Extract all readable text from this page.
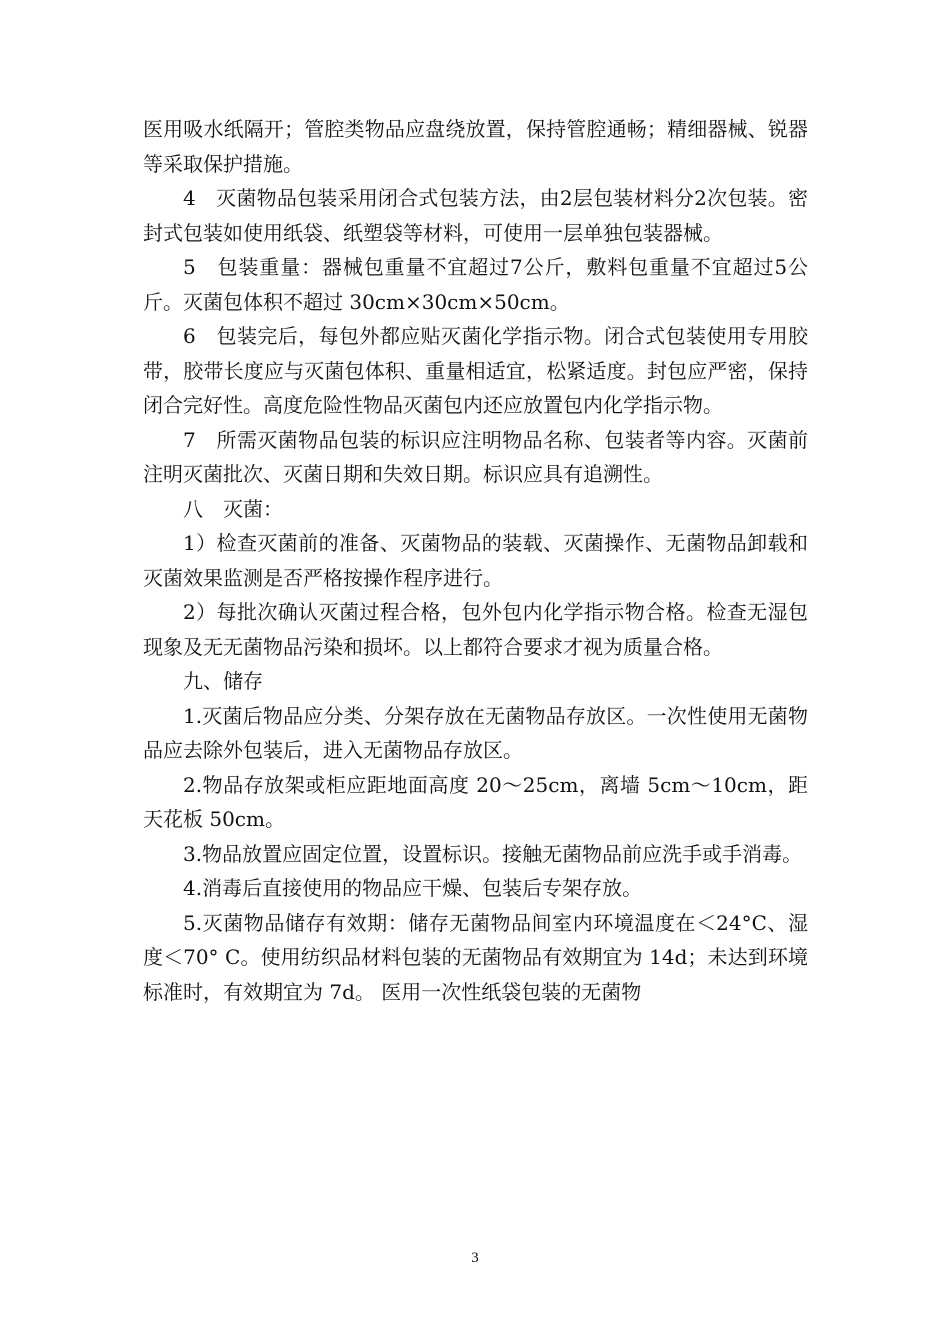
医用吸水纸隔开；管腔类物品应盘绕放置，保持管腔通畅；精细器械、锐器等采取保护措施。

4　灭菌物品包装采用闭合式包装方法，由2层包装材料分2次包装。密封式包装如使用纸袋、纸塑袋等材料，可使用一层单独包装器械。

5　包装重量：器械包重量不宜超过7公斤，敷料包重量不宜超过5公斤。灭菌包体积不超过 30cm×30cm×50cm。

6　包装完后，每包外都应贴灭菌化学指示物。闭合式包装使用专用胶带，胶带长度应与灭菌包体积、重量相适宜，松紧适度。封包应严密，保持闭合完好性。高度危险性物品灭菌包内还应放置包内化学指示物。

7　所需灭菌物品包装的标识应注明物品名称、包装者等内容。灭菌前注明灭菌批次、灭菌日期和失效日期。标识应具有追溯性。

八　灭菌：

1）检查灭菌前的准备、灭菌物品的装载、灭菌操作、无菌物品卸载和灭菌效果监测是否严格按操作程序进行。

2）每批次确认灭菌过程合格，包外包内化学指示物合格。检查无湿包现象及无无菌物品污染和损坏。以上都符合要求才视为质量合格。

九、储存

1.灭菌后物品应分类、分架存放在无菌物品存放区。一次性使用无菌物品应去除外包装后，进入无菌物品存放区。

2.物品存放架或柜应距地面高度 20～25cm，离墙 5cm～10cm，距天花板 50cm。

3.物品放置应固定位置，设置标识。接触无菌物品前应洗手或手消毒。

4.消毒后直接使用的物品应干燥、包装后专架存放。

5.灭菌物品储存有效期：储存无菌物品间室内环境温度在＜24°C、湿度＜70° C。使用纺织品材料包装的无菌物品有效期宜为 14d；未达到环境标准时，有效期宜为 7d。 医用一次性纸袋包装的无菌物

3
